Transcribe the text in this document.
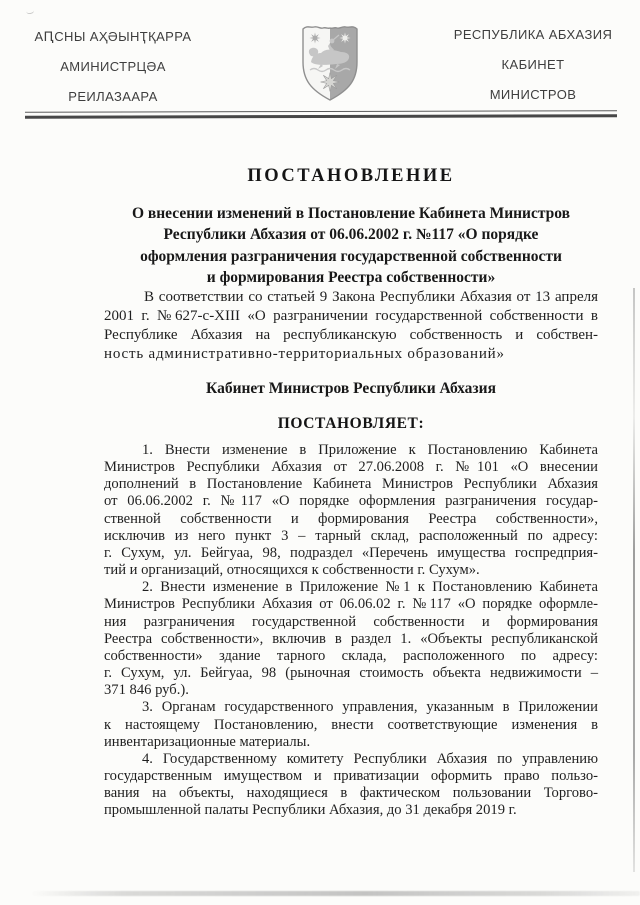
АԤСНЫ АҲӘЫНҬҚАРРА
АМИНИСТРЦӘА
РЕИЛАЗААРА
РЕСПУБЛИКА АБХАЗИЯ
КАБИНЕТ
МИНИСТРОВ
ПОСТАНОВЛЕНИЕ
О внесении изменений в Постановление Кабинета Министров
Республики Абхазия от 06.06.2002 г. №117 «О порядке
оформления разграничения государственной собственности
и формирования Реестра собственности»
В соответствии со статьей 9 Закона Республики Абхазия от 13 апреля
2001 г. №627-с-XIII «О разграничении государственной собственности в
Республике Абхазия на республиканскую собственность и собствен-
ность административно-территориальных образований»
Кабинет Министров Республики Абхазия
ПОСТАНОВЛЯЕТ:
1. Внести изменение в Приложение к Постановлению Кабинета
Министров Республики Абхазия от 27.06.2008 г. №101 «О внесении
дополнений в Постановление Кабинета Министров Республики Абхазия
от 06.06.2002 г. №117 «О порядке оформления разграничения государ-
ственной собственности и формирования Реестра собственности»,
исключив из него пункт 3 – тарный склад, расположенный по адресу:
г. Сухум, ул. Бейгуаа, 98, подраздел «Перечень имущества госпредприя-
тий и организаций, относящихся к собственности г. Сухум».
2. Внести изменение в Приложение №1 к Постановлению Кабинета
Министров Республики Абхазия от 06.06.02 г. №117 «О порядке оформле-
ния разграничения государственной собственности и формирования
Реестра собственности», включив в раздел 1. «Объекты республиканской
собственности» здание тарного склада, расположенного по адресу:
г. Сухум, ул. Бейгуаа, 98 (рыночная стоимость объекта недвижимости –
371 846 руб.).
3. Органам государственного управления, указанным в Приложении
к настоящему Постановлению, внести соответствующие изменения в
инвентаризационные материалы.
4. Государственному комитету Республики Абхазия по управлению
государственным имуществом и приватизации оформить право пользо-
вания на объекты, находящиеся в фактическом пользовании Торгово-
промышленной палаты Республики Абхазия, до 31 декабря 2019 г.
